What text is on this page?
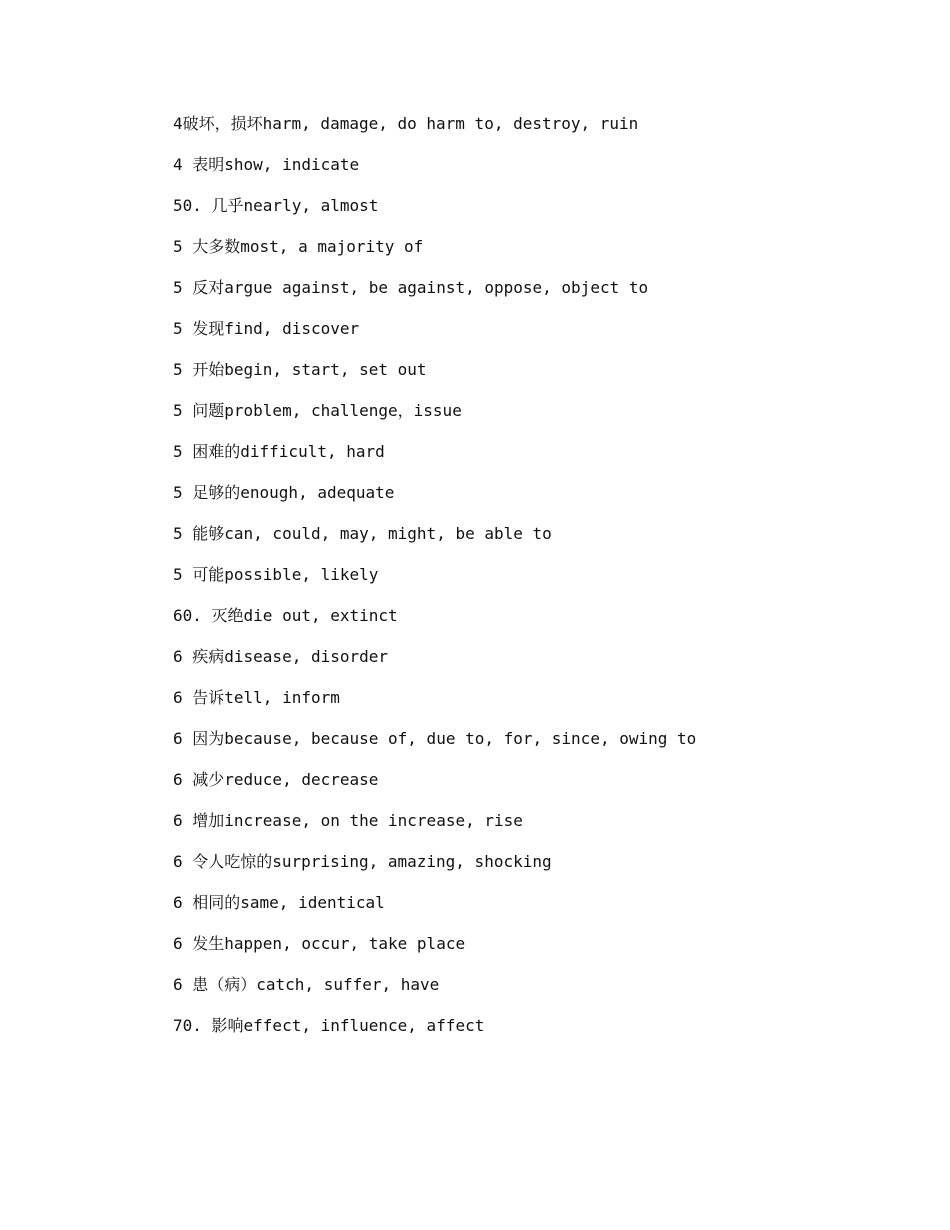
4破坏，损坏harm, damage, do harm to, destroy, ruin
4 表明show, indicate
50. 几乎nearly, almost
5 大多数most, a majority of
5 反对argue against, be against, oppose, object to
5 发现find, discover
5 开始begin, start, set out
5 问题problem, challenge，issue
5 困难的difficult, hard
5 足够的enough, adequate
5 能够can, could, may, might, be able to
5 可能possible, likely
60. 灭绝die out, extinct
6 疾病disease, disorder
6 告诉tell, inform
6 因为because, because of, due to, for, since, owing to
6 减少reduce, decrease
6 增加increase, on the increase, rise
6 令人吃惊的surprising, amazing, shocking
6 相同的same, identical
6 发生happen, occur, take place
6 患（病）catch, suffer, have
70. 影响effect, influence, affect
